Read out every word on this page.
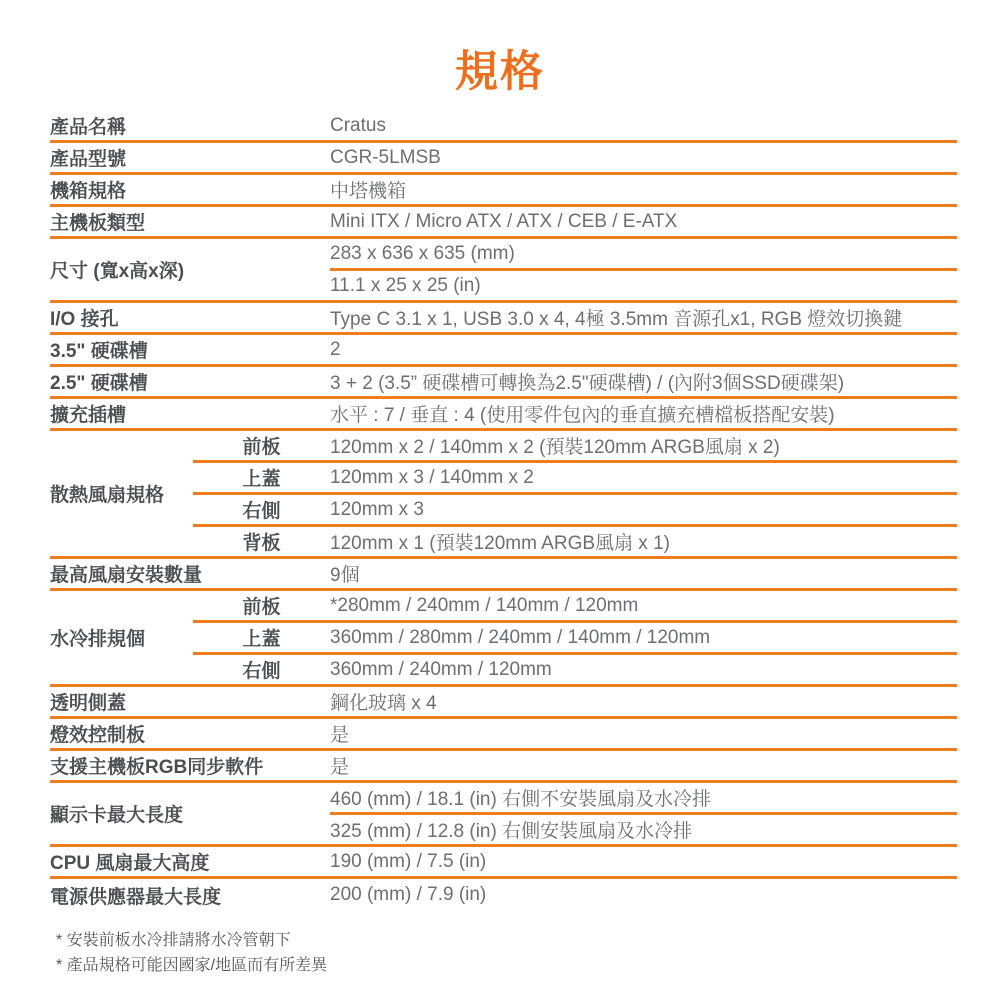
規格
產品名稱	Cratus
產品型號	CGR-5LMSB
機箱規格	中塔機箱
主機板類型	Mini ITX / Micro ATX / ATX / CEB / E-ATX
尺寸 (寬x高x深)
283 x 636 x 635 (mm)
11.1 x 25 x 25 (in)
I/O 接孔	Type C 3.1 x 1, USB 3.0 x 4, 4極 3.5mm 音源孔x1, RGB 燈效切換鍵
3.5" 硬碟槽	2
2.5" 硬碟槽	3 + 2 (3.5” 硬碟槽可轉換為2.5"硬碟槽) / (內附3個SSD硬碟架)
擴充插槽	水平 : 7 / 垂直 : 4 (使用零件包內的垂直擴充槽檔板搭配安裝)
散熱風扇規格
前板	120mm x 2 / 140mm x 2 (預裝120mm ARGB風扇 x 2)
上蓋	120mm x 3 / 140mm x 2
右側	120mm x 3
背板	120mm x 1 (預裝120mm ARGB風扇 x 1)
最高風扇安裝數量	9個
水冷排規個
前板	*280mm / 240mm / 140mm / 120mm
上蓋	360mm / 280mm / 240mm / 140mm / 120mm
右側	360mm / 240mm / 120mm
透明側蓋	鋼化玻璃 x 4
燈效控制板	是
支援主機板RGB同步軟件	是
顯示卡最大長度
460 (mm) / 18.1 (in) 右側不安裝風扇及水冷排
325 (mm) / 12.8 (in) 右側安裝風扇及水冷排
CPU 風扇最大高度	190 (mm) / 7.5 (in)
電源供應器最大長度	200 (mm) / 7.9 (in)
* 安裝前板水冷排請將水冷管朝下
* 產品規格可能因國家/地區而有所差異
